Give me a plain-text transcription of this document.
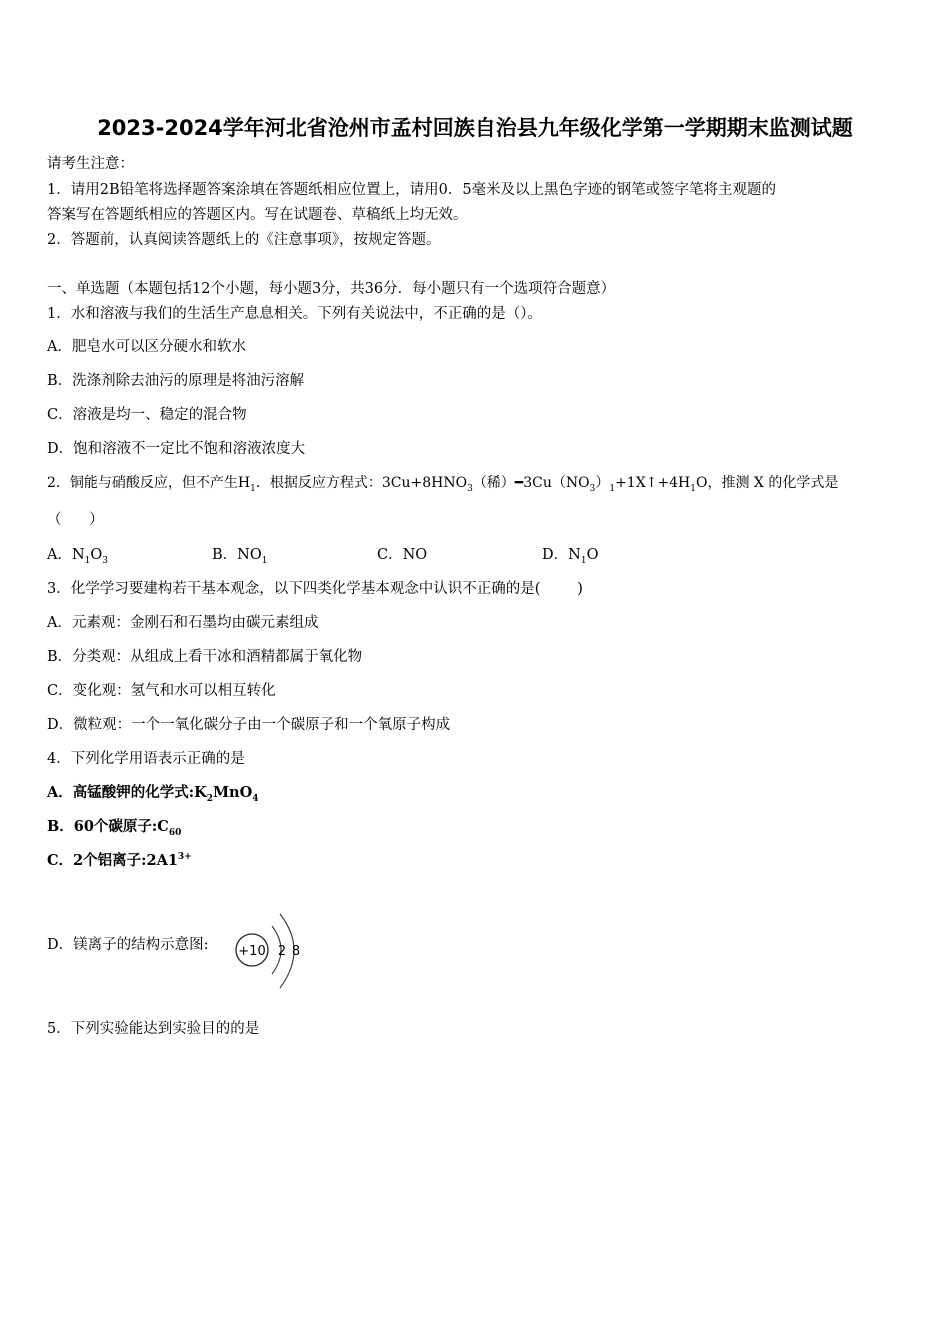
2023-2024学年河北省沧州市孟村回族自治县九年级化学第一学期期末监测试题
请考生注意：
1．请用2B铅笔将选择题答案涂填在答题纸相应位置上，请用0．5毫米及以上黑色字迹的钢笔或签字笔将主观题的
答案写在答题纸相应的答题区内。写在试题卷、草稿纸上均无效。
2．答题前，认真阅读答题纸上的《注意事项》，按规定答题。
一、单选题（本题包括12个小题，每小题3分，共36分．每小题只有一个选项符合题意）
1．水和溶液与我们的生活生产息息相关。下列有关说法中，不正确的是（）。
A．肥皂水可以区分硬水和软水
B．洗涤剂除去油污的原理是将油污溶解
C．溶液是均一、稳定的混合物
D．饱和溶液不一定比不饱和溶液浓度大
2．铜能与硝酸反应，但不产生$H_1$．根据反应方程式：$3Cu+8HNO_3$（稀）$━3Cu(NO_3)_1+1X↑+4H_1O$，推测 X 的化学式是
（      ）
A．$N_1O_3$	B．$NO_1$	C．NO	D．$N_1O$
3．化学学习要建构若干基本观念，以下四类化学基本观念中认识不正确的是(        )
A．元素观：金刚石和石墨均由碳元素组成
B．分类观：从组成上看干冰和酒精都属于氧化物
C．变化观：氢气和水可以相互转化
D．微粒观：一个一氧化碳分子由一个碳原子和一个氧原子构成
4．下列化学用语表示正确的是
A．高锰酸钾的化学式$:K_2MnO_4$
B．60个碳原子$:C_{60}$
C．2个铝离子$:2A1^{3+}$
D．镁离子的结构示意图: +10 2 8
5．下列实验能达到实验目的的是
